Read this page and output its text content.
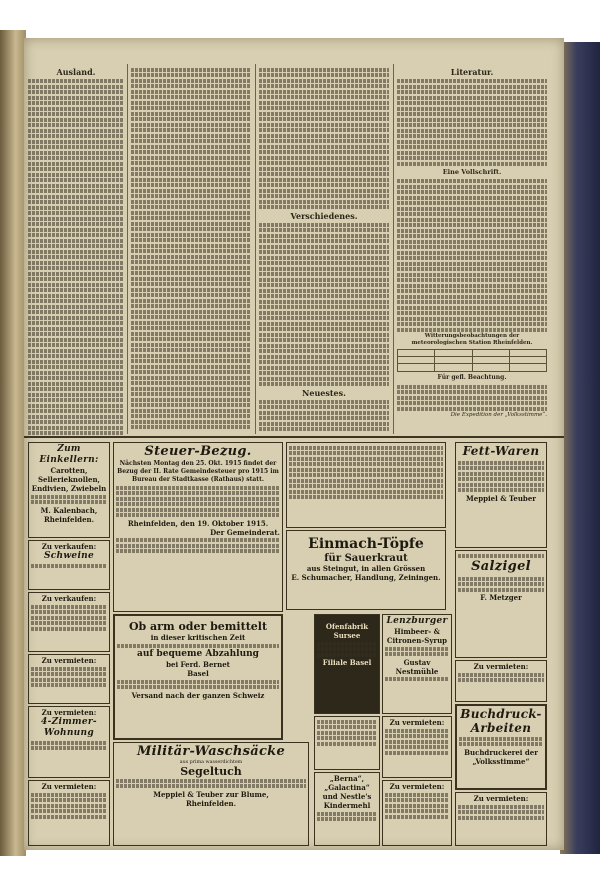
Ausland.
Verschiedenes.
Neuestes.
Literatur.
Eine Vollschrift.
Witterungsbeobachtungen der meteorologischen Station Rheinfelden.

Für gefl. Beachtung.
Die Expedition der „Volksstimme“.
Zum Einkellern:
Carotten, Sellerieknollen, Endivien, Zwiebeln
M. Kalenbach, Rheinfelden.
Zu verkaufen:
Schweine
Zu verkaufen:
Zu vermieten:
Zu vermieten:
4-Zimmer-Wohnung
Zu vermieten:
Steuer-Bezug.
Nächsten Montag den 25. Okt. 1915 findet der Bezug der II. Rate Gemeindesteuer pro 1915 im Bureau der Stadtkasse (Rathaus) statt.
Rheinfelden, den 19. Oktober 1915.
Der Gemeinderat.
Ob arm oder bemittelt
in dieser kritischen Zeit
auf bequeme Abzahlung
bei Ferd. Bernet
Basel
Versand nach der ganzen Schweiz
Militär-Waschsäcke
aus prima wasserdichtem
Segeltuch
Meppiel & Teuber zur Blume,
Rheinfelden.
Einmach-Töpfe
für Sauerkraut
aus Steingut, in allen Grössen
E. Schumacher, Handlung, Zeiningen.
Ofenfabrik Sursee
Filiale Basel
„Berna“, „Galactina“
und Nestle's Kindermehl
Lenzburger
Himbeer- & Citronen-Syrup
Gustav Nestmühle
Zu vermieten:
Zu vermieten:
Fett-Waren
Meppiel & Teuber
Salzigel
F. Metzger
Zu vermieten:
Buchdruck-Arbeiten
Buchdruckerei der „Volksstimme“
Zu vermieten:
